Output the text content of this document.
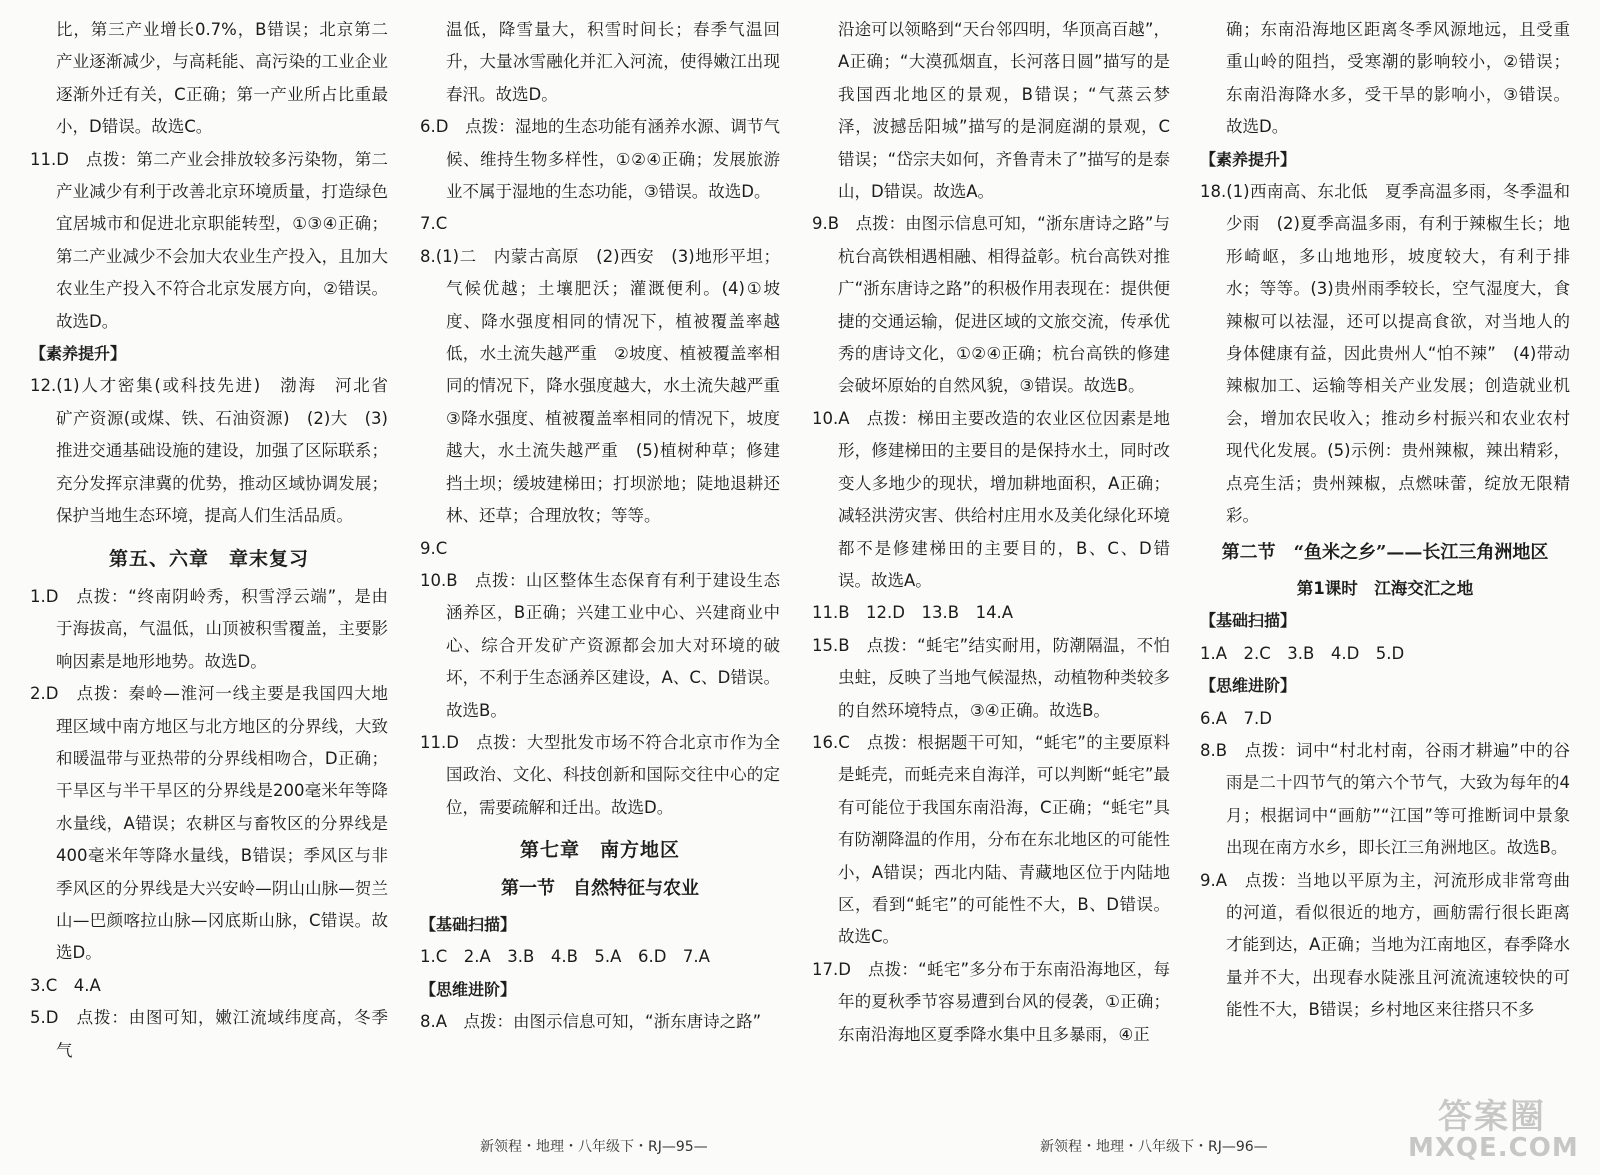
比，第三产业增长0.7%，B错误；北京第二产业逐渐减少，与高耗能、高污染的工业企业逐渐外迁有关，C正确；第一产业所占比重最小，D错误。故选C。

11.D　点拨：第二产业会排放较多污染物，第二产业减少有利于改善北京环境质量，打造绿色宜居城市和促进北京职能转型，①③④正确；第二产业减少不会加大农业生产投入，且加大农业生产投入不符合北京发展方向，②错误。故选D。

【素养提升】

12.(1)人才密集(或科技先进)　渤海　河北省　矿产资源(或煤、铁、石油资源)　(2)大　(3)推进交通基础设施的建设，加强了区际联系；充分发挥京津冀的优势，推动区域协调发展；保护当地生态环境，提高人们生活品质。

第五、六章　章末复习

1.D　点拨：“终南阴岭秀，积雪浮云端”，是由于海拔高，气温低，山顶被积雪覆盖，主要影响因素是地形地势。故选D。

2.D　点拨：秦岭—淮河一线主要是我国四大地理区域中南方地区与北方地区的分界线，大致和暖温带与亚热带的分界线相吻合，D正确；干旱区与半干旱区的分界线是200毫米年等降水量线，A错误；农耕区与畜牧区的分界线是400毫米年等降水量线，B错误；季风区与非季风区的分界线是大兴安岭—阴山山脉—贺兰山—巴颜喀拉山脉—冈底斯山脉，C错误。故选D。

3.C　4.A

5.D　点拨：由图可知，嫩江流域纬度高，冬季气

温低，降雪量大，积雪时间长；春季气温回升，大量冰雪融化并汇入河流，使得嫩江出现春汛。故选D。

6.D　点拨：湿地的生态功能有涵养水源、调节气候、维持生物多样性，①②④正确；发展旅游业不属于湿地的生态功能，③错误。故选D。

7.C

8.(1)二　内蒙古高原　(2)西安　(3)地形平坦；气候优越；土壤肥沃；灌溉便利。(4)①坡度、降水强度相同的情况下，植被覆盖率越低，水土流失越严重　②坡度、植被覆盖率相同的情况下，降水强度越大，水土流失越严重　③降水强度、植被覆盖率相同的情况下，坡度越大，水土流失越严重　(5)植树种草；修建挡土坝；缓坡建梯田；打坝淤地；陡地退耕还林、还草；合理放牧；等等。

9.C

10.B　点拨：山区整体生态保育有利于建设生态涵养区，B正确；兴建工业中心、兴建商业中心、综合开发矿产资源都会加大对环境的破坏，不利于生态涵养区建设，A、C、D错误。故选B。

11.D　点拨：大型批发市场不符合北京市作为全国政治、文化、科技创新和国际交往中心的定位，需要疏解和迁出。故选D。

第七章　南方地区

第一节　自然特征与农业

【基础扫描】

1.C　2.A　3.B　4.B　5.A　6.D　7.A

【思维进阶】

8.A　点拨：由图示信息可知，“浙东唐诗之路”

沿途可以领略到“天台邻四明，华顶高百越”，A正确；“大漠孤烟直，长河落日圆”描写的是我国西北地区的景观，B错误；“气蒸云梦泽，波撼岳阳城”描写的是洞庭湖的景观，C错误；“岱宗夫如何，齐鲁青未了”描写的是泰山，D错误。故选A。

9.B　点拨：由图示信息可知，“浙东唐诗之路”与杭台高铁相遇相融、相得益彰。杭台高铁对推广“浙东唐诗之路”的积极作用表现在：提供便捷的交通运输，促进区域的文旅交流，传承优秀的唐诗文化，①②④正确；杭台高铁的修建会破坏原始的自然风貌，③错误。故选B。

10.A　点拨：梯田主要改造的农业区位因素是地形，修建梯田的主要目的是保持水土，同时改变人多地少的现状，增加耕地面积，A正确；减轻洪涝灾害、供给村庄用水及美化绿化环境都不是修建梯田的主要目的，B、C、D错误。故选A。

11.B　12.D　13.B　14.A

15.B　点拨：“蚝宅”结实耐用，防潮隔温，不怕虫蛀，反映了当地气候湿热，动植物种类较多的自然环境特点，③④正确。故选B。

16.C　点拨：根据题干可知，“蚝宅”的主要原料是蚝壳，而蚝壳来自海洋，可以判断“蚝宅”最有可能位于我国东南沿海，C正确；“蚝宅”具有防潮降温的作用，分布在东北地区的可能性小，A错误；西北内陆、青藏地区位于内陆地区，看到“蚝宅”的可能性不大，B、D错误。故选C。

17.D　点拨：“蚝宅”多分布于东南沿海地区，每年的夏秋季节容易遭到台风的侵袭，①正确；东南沿海地区夏季降水集中且多暴雨，④正

确；东南沿海地区距离冬季风源地远，且受重重山岭的阻挡，受寒潮的影响较小，②错误；东南沿海降水多，受干旱的影响小，③错误。故选D。

【素养提升】

18.(1)西南高、东北低　夏季高温多雨，冬季温和少雨　(2)夏季高温多雨，有利于辣椒生长；地形崎岖，多山地地形，坡度较大，有利于排水；等等。(3)贵州雨季较长，空气湿度大，食辣椒可以祛湿，还可以提高食欲，对当地人的身体健康有益，因此贵州人“怕不辣”　(4)带动辣椒加工、运输等相关产业发展；创造就业机会，增加农民收入；推动乡村振兴和农业农村现代化发展。(5)示例：贵州辣椒，辣出精彩，点亮生活；贵州辣椒，点燃味蕾，绽放无限精彩。

第二节　“鱼米之乡”——长江三角洲地区

第1课时　江海交汇之地

【基础扫描】

1.A　2.C　3.B　4.D　5.D

【思维进阶】

6.A　7.D

8.B　点拨：词中“村北村南，谷雨才耕遍”中的谷雨是二十四节气的第六个节气，大致为每年的4月；根据词中“画舫”“江国”等可推断词中景象出现在南方水乡，即长江三角洲地区。故选B。

9.A　点拨：当地以平原为主，河流形成非常弯曲的河道，看似很近的地方，画舫需行很长距离才能到达，A正确；当地为江南地区，春季降水量并不大，出现春水陡涨且河流流速较快的可能性不大，B错误；乡村地区来往搭只不多

新领程・地理・八年级下・RJ—95—	新领程・地理・八年级下・RJ—96—
答案圈
MXQE.COM
